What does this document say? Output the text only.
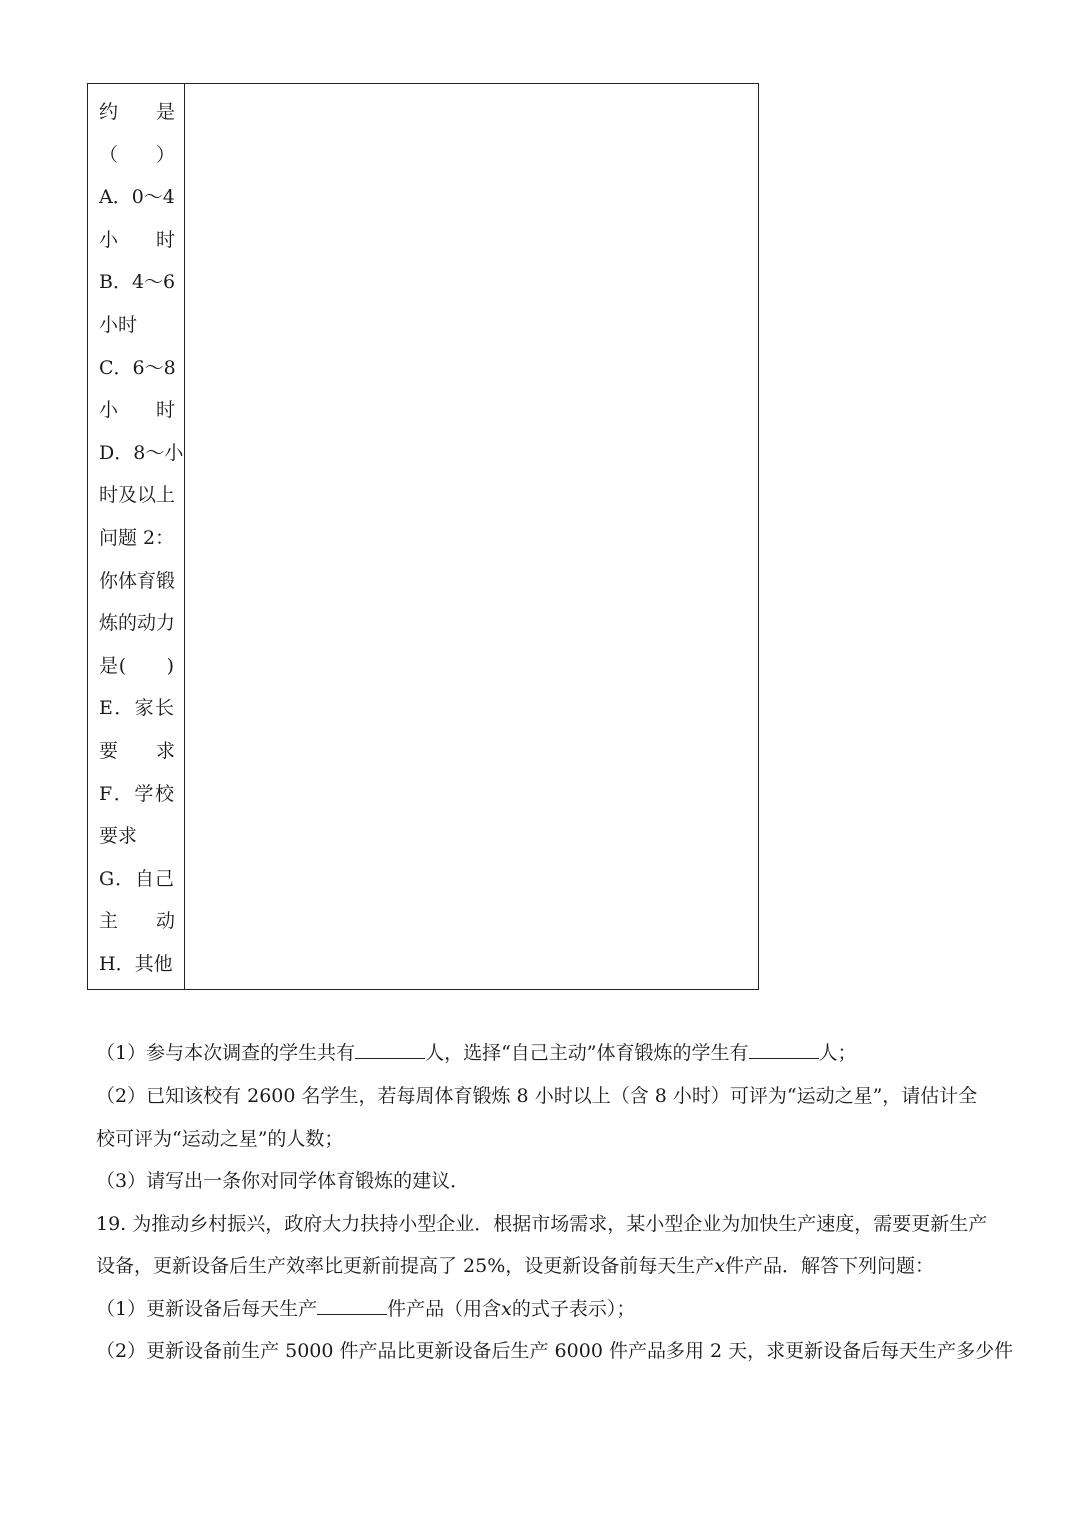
约　　是
（　　）
A．0～4
小　　时
B．4～6
小时
C．6～8
小　　时
D．8～小
时及以上
问题 2：
你体育锻
炼的动力
是(　　)
E．家长
要　　求
F．学校
要求
G．自己
主　　动
H．其他
（1）参与本次调查的学生共有	人，选择“自己主动”体育锻炼的学生有	人；
（2）已知该校有 2600 名学生，若每周体育锻炼 8 小时以上（含 8 小时）可评为“运动之星”，请估计全
校可评为“运动之星”的人数；
（3）请写出一条你对同学体育锻炼的建议．
19. 为推动乡村振兴，政府大力扶持小型企业．根据市场需求，某小型企业为加快生产速度，需要更新生产
设备，更新设备后生产效率比更新前提高了 25%，设更新设备前每天生产x件产品．解答下列问题：
（1）更新设备后每天生产	件产品（用含x的式子表示）；
（2）更新设备前生产 5000 件产品比更新设备后生产 6000 件产品多用 2 天，求更新设备后每天生产多少件
